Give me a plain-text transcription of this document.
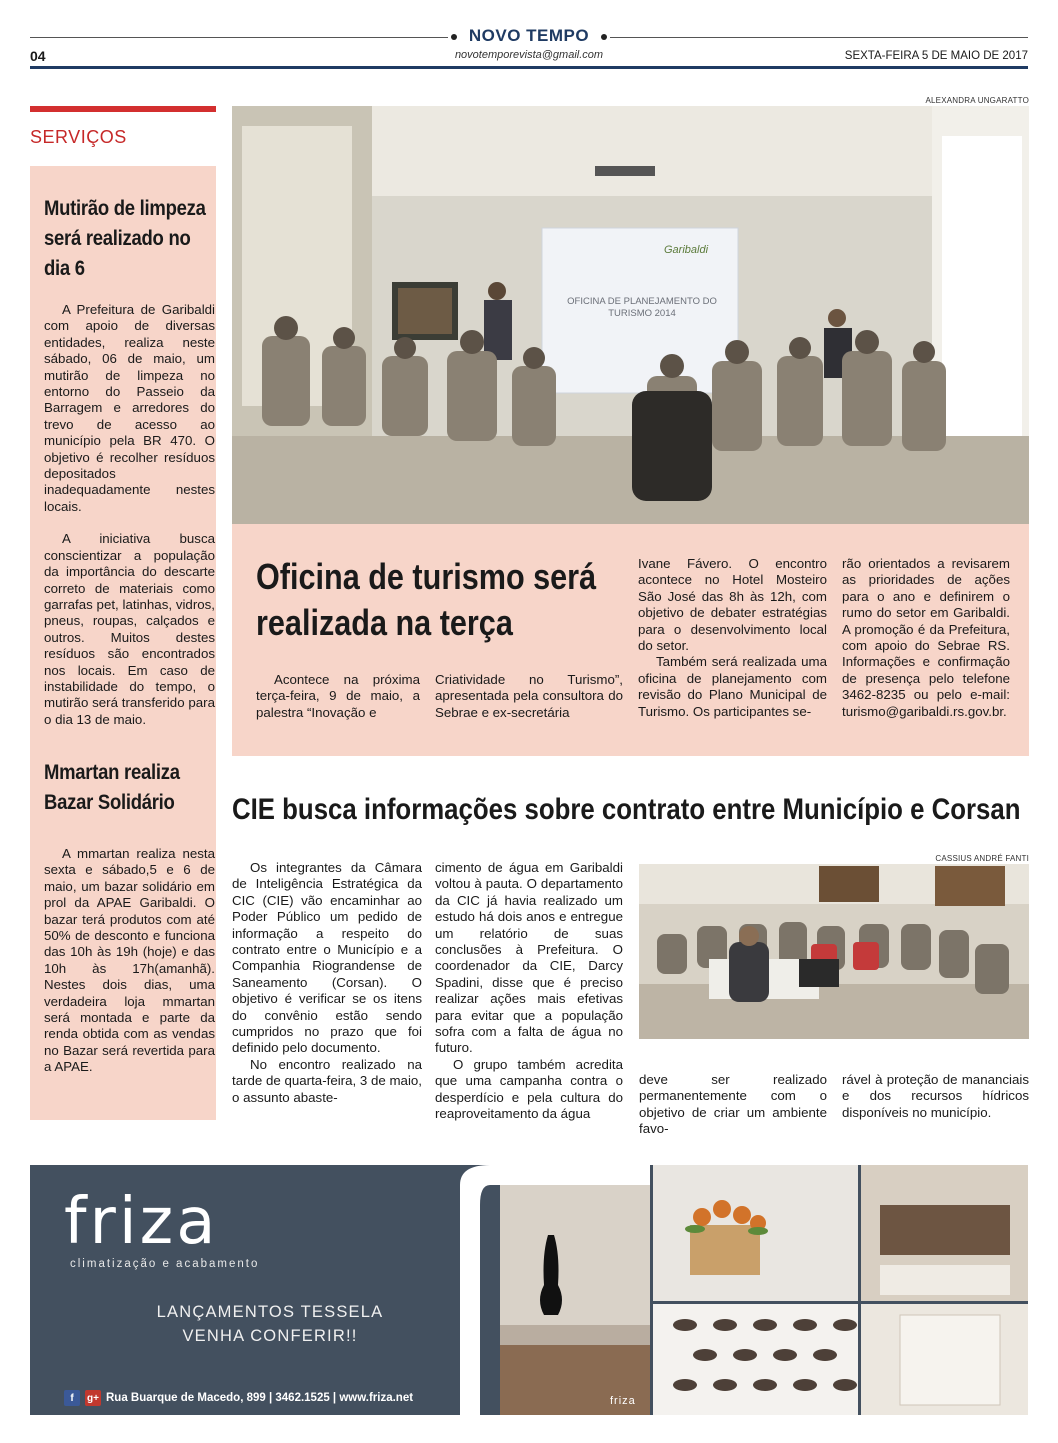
NOVO TEMPO
novotemporevista@gmail.com
04	SEXTA-FEIRA 5 DE MAIO DE 2017
SERVIÇOS
Mutirão de limpeza será realizado no dia 6

A Prefeitura de Garibaldi com apoio de diversas entidades, realiza neste sábado, 06 de maio, um mutirão de limpeza no entorno do Passeio da Barragem e arredores do trevo de acesso ao município pela BR 470. O objetivo é recolher resíduos depositados inadequadamente nestes locais.

A iniciativa busca conscientizar a população da importância do descarte correto de materiais como garrafas pet, latinhas, vidros, pneus, roupas, calçados e outros. Muitos destes resíduos são encontrados nos locais. Em caso de instabilidade do tempo, o mutirão será transferido para o dia 13 de maio.

Mmartan realiza Bazar Solidário

A mmartan realiza nesta sexta e sábado,5 e 6 de maio, um bazar solidário em prol da APAE Garibaldi. O bazar terá produtos com até 50% de desconto e funciona das 10h às 19h (hoje) e das 10h às 17h(amanhã). Nestes dois dias, uma verdadeira loja mmartan será montada e parte da renda obtida com as vendas no Bazar será revertida para a APAE.

ALEXANDRA UNGARATTO
OFICINA DE PLANEJAMENTO DO TURISMO 2014
Garibaldi
Oficina de turismo será realizada na terça
Acontece na próxima terça-feira, 9 de maio, a palestra “Inovação e
Criatividade no Turismo”, apresentada pela consultora do Sebrae e ex-secretária
Ivane Fávero. O encontro acontece no Hotel Mosteiro São José das 8h às 12h, com objetivo de debater estratégias para o desenvolvimento local do setor.
Também será realizada uma oficina de planejamento com revisão do Plano Municipal de Turismo. Os participantes se-
rão orientados a revisarem as prioridades de ações para o ano e definirem o rumo do setor em Garibaldi. A promoção é da Prefeitura, com apoio do Sebrae RS. Informações e confirmação de presença pelo telefone 3462-8235 ou pelo e-mail: turismo@garibaldi.rs.gov.br.
CIE busca informações sobre contrato entre Município e Corsan
Os integrantes da Câmara de Inteligência Estratégica da CIC (CIE) vão encaminhar ao Poder Público um pedido de informação a respeito do contrato entre o Município e a Companhia Riograndense de Saneamento (Corsan). O objetivo é verificar se os itens do convênio estão sendo cumpridos no prazo que foi definido pelo documento.
No encontro realizado na tarde de quarta-feira, 3 de maio, o assunto abaste-
cimento de água em Garibaldi voltou à pauta. O departamento da CIC já havia realizado um estudo há dois anos e entregue um relatório de suas conclusões à Prefeitura. O coordenador da CIE, Darcy Spadini, disse que é preciso realizar ações mais efetivas para evitar que a população sofra com a falta de água no futuro.
O grupo também acredita que uma campanha contra o desperdício e pela cultura do reaproveitamento da água
CASSIUS ANDRÉ FANTI
deve ser realizado permanentemente com o objetivo de criar um ambiente favo-
rável à proteção de mananciais e dos recursos hídricos disponíveis no município.
friza
climatização e acabamento
LANÇAMENTOS TESSELA
VENHA CONFERIR!!
f	g+ Rua Buarque de Macedo, 899 | 3462.1525 | www.friza.net	friza
